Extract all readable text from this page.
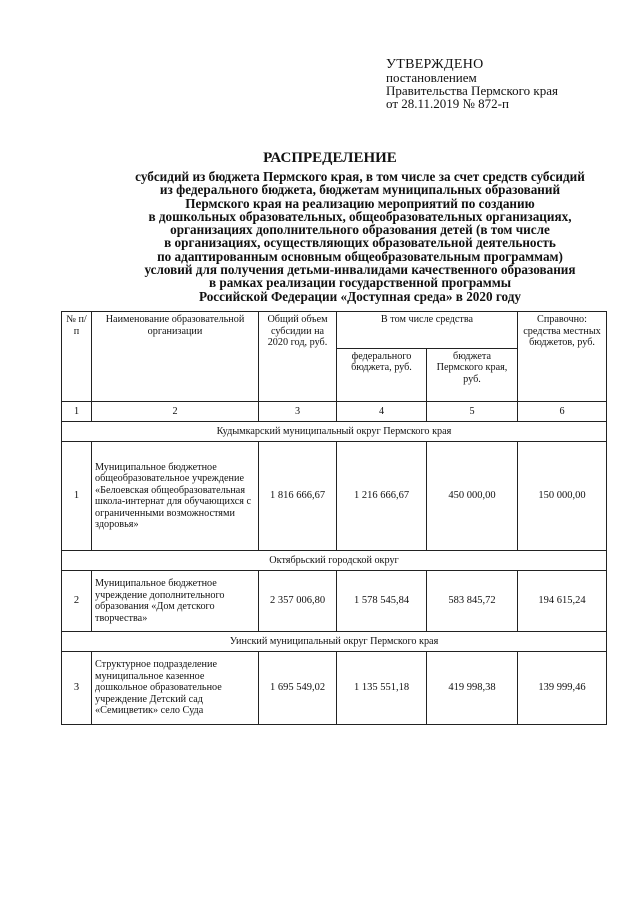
УТВЕРЖДЕНО
постановлением
Правительства Пермского края
от 28.11.2019 № 872-п
РАСПРЕДЕЛЕНИЕ
субсидий из бюджета Пермского края, в том числе за счет средств субсидий
из федерального бюджета, бюджетам муниципальных образований
Пермского края на реализацию мероприятий по созданию
в дошкольных образовательных, общеобразовательных организациях,
организациях дополнительного образования детей (в том числе
в организациях, осуществляющих образовательной деятельность
по адаптированным основным общеобразовательным программам)
условий для получения детьми-инвалидами качественного образования
в рамках реализации государственной программы
Российской Федерации «Доступная среда» в 2020 году
№ п/п	Наименование образовательной организации	Общий объем субсидии на 2020 год, руб.	В том числе средства		Справочно: средства местных бюджетов, руб.
			федерального бюджета, руб.	бюджета Пермского края, руб.	
1	2	3	4	5	6
Кудымкарский муниципальный округ Пермского края					
1	Муниципальное бюджетное общеобразовательное учреждение «Белоевская общеобразовательная школа-интернат для обучающихся с ограниченными возможностями здоровья»	1 816 666,67	1 216 666,67	450 000,00	150 000,00
Октябрьский городской округ					
2	Муниципальное бюджетное учреждение дополнительного образования «Дом детского творчества»	2 357 006,80	1 578 545,84	583 845,72	194 615,24
Уинский муниципальный округ Пермского края					
3	Структурное подразделение муниципальное казенное дошкольное образовательное учреждение Детский сад «Семицветик» село Суда	1 695 549,02	1 135 551,18	419 998,38	139 999,46
